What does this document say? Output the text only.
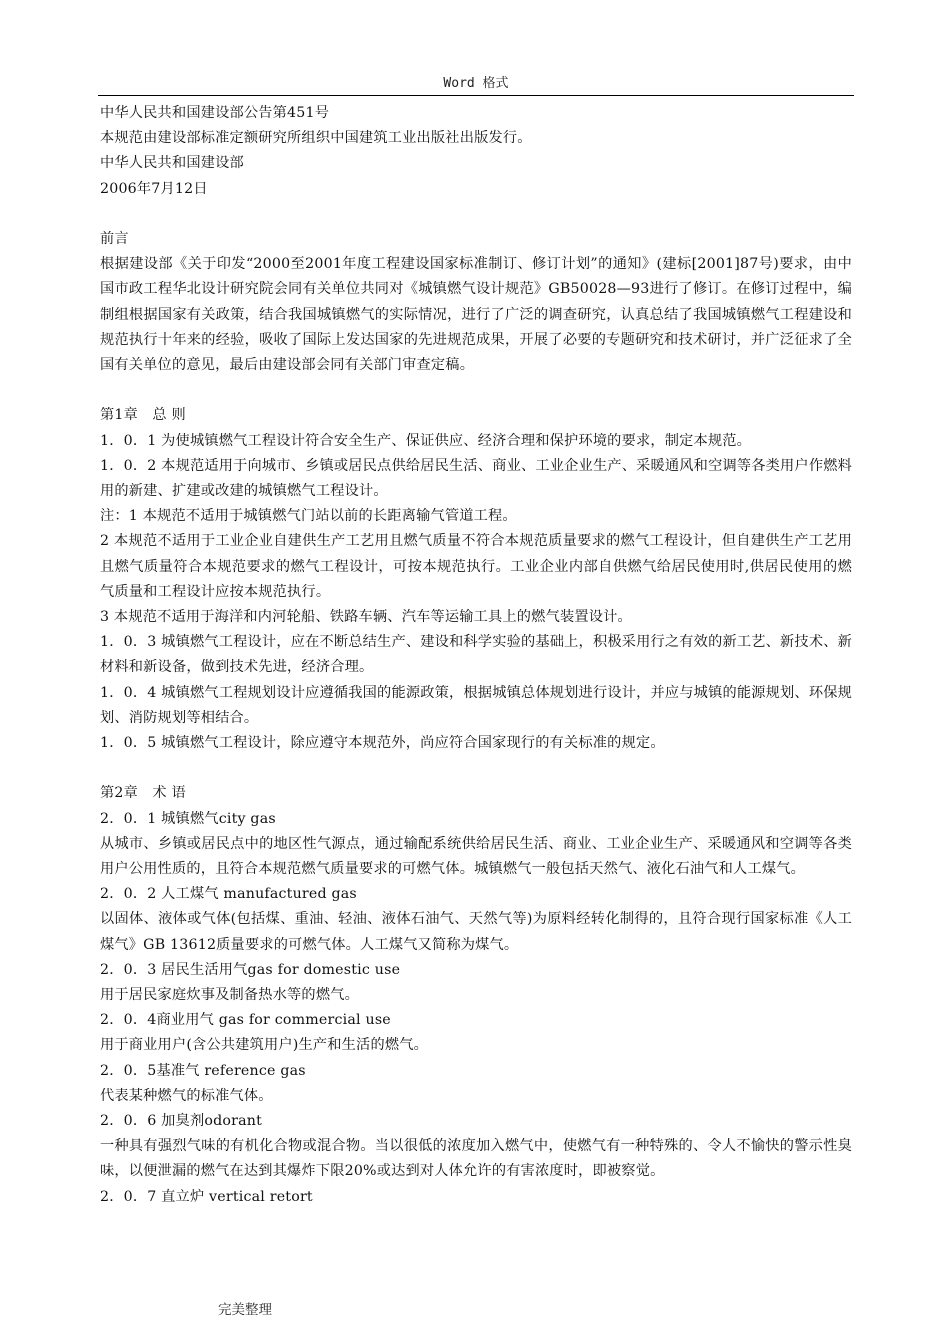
Word 格式

中华人民共和国建设部公告第451号

本规范由建设部标准定额研究所组织中国建筑工业出版社出版发行。

中华人民共和国建设部

2006年7月12日

前言

根据建设部《关于印发“2000至2001年度工程建设国家标准制订、修订计划”的通知》(建标[2001]87号)要求，由中国市政工程华北设计研究院会同有关单位共同对《城镇燃气设计规范》GB50028—93进行了修订。在修订过程中，编制组根据国家有关政策，结合我国城镇燃气的实际情况，进行了广泛的调查研究，认真总结了我国城镇燃气工程建设和规范执行十年来的经验，吸收了国际上发达国家的先进规范成果，开展了必要的专题研究和技术研讨，并广泛征求了全国有关单位的意见，最后由建设部会同有关部门审查定稿。

第1章　总 则

1．0．1 为使城镇燃气工程设计符合安全生产、保证供应、经济合理和保护环境的要求，制定本规范。

1．0．2 本规范适用于向城市、乡镇或居民点供给居民生活、商业、工业企业生产、采暖通风和空调等各类用户作燃料用的新建、扩建或改建的城镇燃气工程设计。

注：1 本规范不适用于城镇燃气门站以前的长距离输气管道工程。

2 本规范不适用于工业企业自建供生产工艺用且燃气质量不符合本规范质量要求的燃气工程设计，但自建供生产工艺用且燃气质量符合本规范要求的燃气工程设计，可按本规范执行。工业企业内部自供燃气给居民使用时,供居民使用的燃气质量和工程设计应按本规范执行。

3 本规范不适用于海洋和内河轮船、铁路车辆、汽车等运输工具上的燃气装置设计。

1．0．3 城镇燃气工程设计，应在不断总结生产、建设和科学实验的基础上，积极采用行之有效的新工艺、新技术、新材料和新设备，做到技术先进，经济合理。

1．0．4 城镇燃气工程规划设计应遵循我国的能源政策，根据城镇总体规划进行设计，并应与城镇的能源规划、环保规划、消防规划等相结合。

1．0．5 城镇燃气工程设计，除应遵守本规范外，尚应符合国家现行的有关标准的规定。

第2章　术 语

2．0．1 城镇燃气city gas

从城市、乡镇或居民点中的地区性气源点，通过输配系统供给居民生活、商业、工业企业生产、采暖通风和空调等各类用户公用性质的，且符合本规范燃气质量要求的可燃气体。城镇燃气一般包括天然气、液化石油气和人工煤气。

2．0．2 人工煤气 manufactured gas

以固体、液体或气体(包括煤、重油、轻油、液体石油气、天然气等)为原料经转化制得的，且符合现行国家标准《人工煤气》GB 13612质量要求的可燃气体。人工煤气又简称为煤气。

2．0．3 居民生活用气gas for domestic use

用于居民家庭炊事及制备热水等的燃气。

2．0．4商业用气 gas for commercial use

用于商业用户(含公共建筑用户)生产和生活的燃气。

2．0．5基准气 reference gas

代表某种燃气的标准气体。

2．0．6 加臭剂odorant

一种具有强烈气味的有机化合物或混合物。当以很低的浓度加入燃气中，使燃气有一种特殊的、令人不愉快的警示性臭味，以便泄漏的燃气在达到其爆炸下限20%或达到对人体允许的有害浓度时，即被察觉。

2．0．7 直立炉 vertical retort

完美整理
